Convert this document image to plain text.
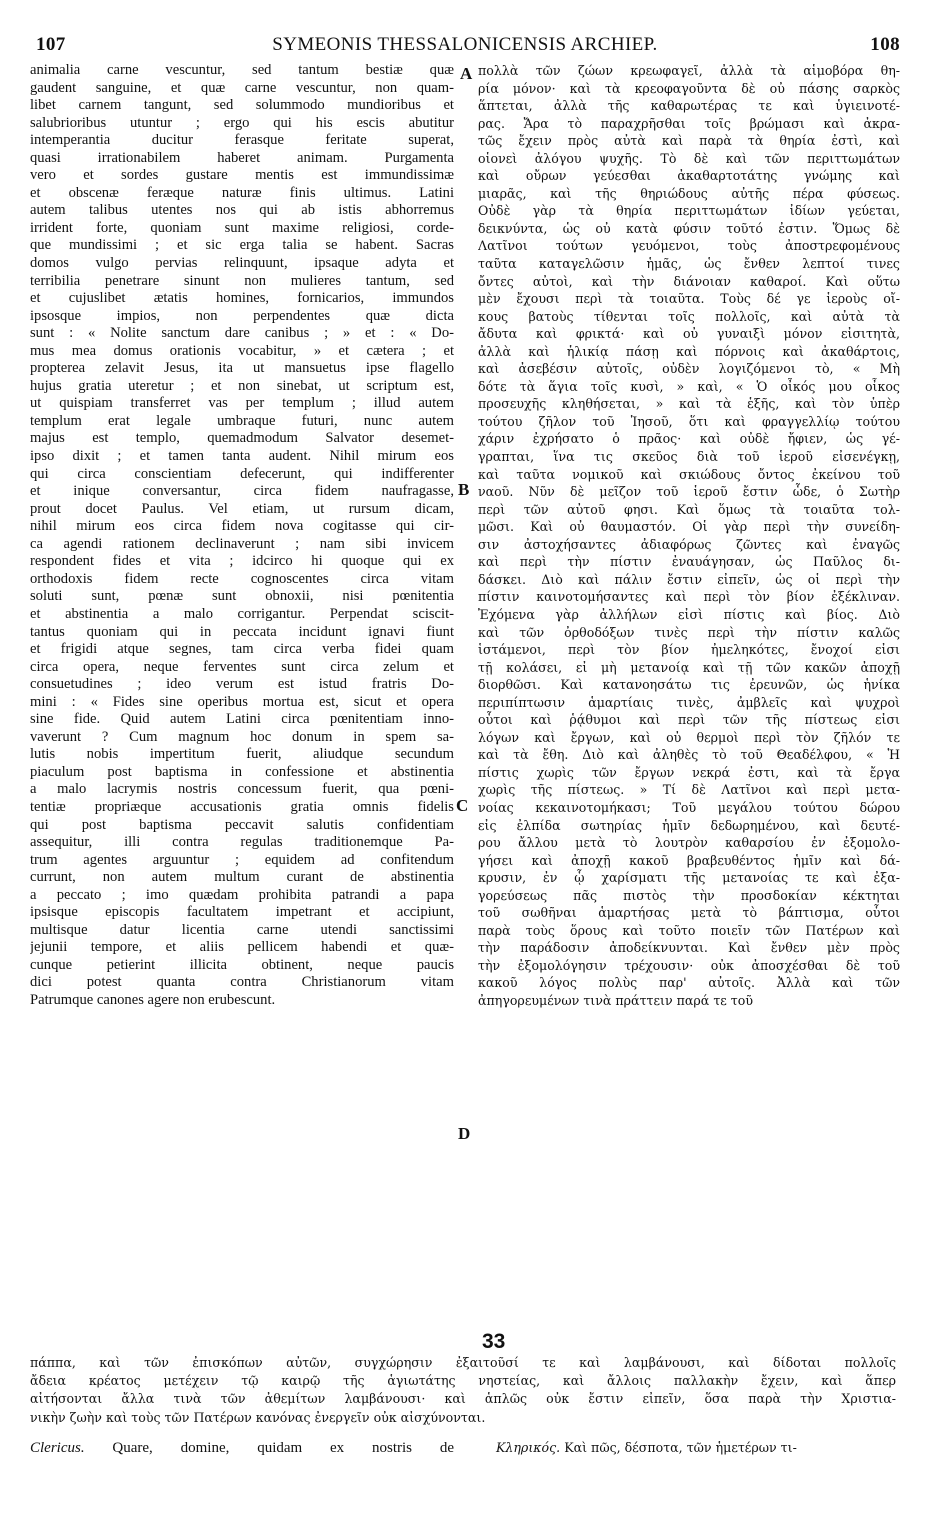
107	SYMEONIS THESSALONICENSIS ARCHIEP.	108
animalia carne vescuntur, sed tantum bestiæ quæ
gaudent sanguine, et quæ carne vescuntur, non quam-
libet carnem tangunt, sed solummodo mundioribus et
salubrioribus utuntur ; ergo qui his escis abutitur
intemperantia ducitur ferasque feritate superat,
quasi irrationabilem haberet animam. Purgamenta
vero et sordes gustare mentis est immundissimæ
et obscenæ feræque naturæ finis ultimus. Latini
autem talibus utentes nos qui ab istis abhorremus
irrident forte, quoniam sunt maxime religiosi, corde-
que mundissimi ; et sic erga talia se habent. Sacras
domos vulgo pervias relinquunt, ipsaque adyta et
terribilia penetrare sinunt non mulieres tantum, sed
et cujuslibet ætatis homines, fornicarios, immundos
ipsosque impios, non perpendentes quæ dicta
sunt : « Nolite sanctum dare canibus ; » et : « Do-
mus mea domus orationis vocabitur, » et cætera ; et
propterea zelavit Jesus, ita ut mansuetus ipse flagello
hujus gratia uteretur ; et non sinebat, ut scriptum est,
ut quispiam transferret vas per templum ; illud autem
templum erat legale umbraque futuri, nunc autem
majus est templo, quemadmodum Salvator desemet-
ipso dixit ; et tamen tanta audent. Nihil mirum eos
qui circa conscientiam defecerunt, qui indifferenter
et inique conversantur, circa fidem naufragasse,
prout docet Paulus. Vel etiam, ut rursum dicam,
nihil mirum eos circa fidem nova cogitasse qui cir-
ca agendi rationem declinaverunt ; nam sibi invicem
respondent fides et vita ; idcirco hi quoque qui ex
orthodoxis fidem recte cognoscentes circa vitam
soluti sunt, pœnæ sunt obnoxii, nisi pœnitentia
et abstinentia a malo corrigantur. Perpendat sciscit-
tantus quoniam qui in peccata incidunt ignavi fiunt
et frigidi atque segnes, tam circa verba fidei quam
circa opera, neque ferventes sunt circa zelum et
consuetudines ; ideo verum est istud fratris Do-
mini : « Fides sine operibus mortua est, sicut et opera
sine fide. Quid autem Latini circa pœnitentiam inno-
vaverunt ? Cum magnum hoc donum in spem sa-
lutis nobis impertitum fuerit, aliudque secundum
piaculum post baptisma in confessione et abstinentia
a malo lacrymis nostris concessum fuerit, qua pœni-
tentiæ propriæque accusationis gratia omnis fidelis
qui post baptisma peccavit salutis confidentiam
assequitur, illi contra regulas traditionemque Pa-
trum agentes arguuntur ; equidem ad confitendum
currunt, non autem multum curant de abstinentia
a peccato ; imo quædam prohibita patrandi a papa
ipsisque episcopis facultatem impetrant et accipiunt,
multisque datur licentia carne utendi sanctissimi
jejunii tempore, et aliis pellicem habendi et quæ-
cunque petierint illicita obtinent, neque paucis
dici potest quanta contra Christianorum vitam
Patrumque canones agere non erubescunt.
πολλὰ τῶν ζώων κρεωφαγεῖ, ἀλλὰ τὰ αἱμοβόρα θη-
ρία μόνον· καὶ τὰ κρεοφαγοῦντα δὲ οὐ πάσης σαρκὸς
ἅπτεται, ἀλλὰ τῆς καθαρωτέρας τε καὶ ὑγιεινοτέ-
ρας. Ἄρα τὸ παραχρῆσθαι τοῖς βρώμασι καὶ ἀκρα-
τῶς ἔχειν πρὸς αὐτὰ καὶ παρὰ τὰ θηρία ἐστὶ, καὶ
οἱονεὶ ἀλόγου ψυχῆς. Τὸ δὲ καὶ τῶν περιττωμάτων
καὶ οὔρων γεύεσθαι ἀκαθαρτοτάτης γνώμης καὶ
μιαρᾶς, καὶ τῆς θηριώδους αὐτῆς πέρα φύσεως.
Οὐδὲ γὰρ τὰ θηρία περιττωμάτων ἰδίων γεύεται,
δεικνύντα, ὡς οὐ κατὰ φύσιν τοῦτό ἐστιν. Ὅμως δὲ
Λατῖνοι τούτων γευόμενοι, τοὺς ἀποστρεφομένους
ταῦτα καταγελῶσιν ἡμᾶς, ὡς ἔνθεν λεπτοί τινες
ὄντες αὐτοὶ, καὶ τὴν διάνοιαν καθαροί. Καὶ οὕτω
μὲν ἔχουσι περὶ τὰ τοιαῦτα. Τοὺς δέ γε ἱεροὺς οἴ-
κους βατοὺς τίθενται τοῖς πολλοῖς, καὶ αὐτὰ τὰ
ἄδυτα καὶ φρικτά· καὶ οὐ γυναιξὶ μόνον εἰσιτητὰ,
ἀλλὰ καὶ ἡλικίᾳ πάσῃ καὶ πόρνοις καὶ ἀκαθάρτοις,
καὶ ἀσεβέσιν αὐτοῖς, οὐδὲν λογιζόμενοι τὸ, « Μὴ
δότε τὰ ἅγια τοῖς κυσὶ, » καὶ, « Ὁ οἶκός μου οἶκος
προσευχῆς κληθήσεται, » καὶ τὰ ἑξῆς, καὶ τὸν ὑπὲρ
τούτου ζῆλον τοῦ Ἰησοῦ, ὅτι καὶ φραγγελλίῳ τούτου
χάριν ἐχρήσατο ὁ πρᾶος· καὶ οὐδὲ ἤφιεν, ὡς γέ-
γραπται, ἵνα τις σκεῦος διὰ τοῦ ἱεροῦ εἰσενέγκῃ,
καὶ ταῦτα νομικοῦ καὶ σκιώδους ὄντος ἐκείνου τοῦ
ναοῦ. Νῦν δὲ μεῖζον τοῦ ἱεροῦ ἔστιν ὧδε, ὁ Σωτὴρ
περὶ τῶν αὐτοῦ φησι. Καὶ ὅμως τὰ τοιαῦτα τολ-
μῶσι. Καὶ οὐ θαυμαστόν. Οἱ γὰρ περὶ τὴν συνείδη-
σιν ἀστοχήσαντες ἀδιαφόρως ζῶντες καὶ ἐναγῶς
καὶ περὶ τὴν πίστιν ἐναυάγησαν, ὡς Παῦλος δι-
δάσκει. Διὸ καὶ πάλιν ἔστιν εἰπεῖν, ὡς οἱ περὶ τὴν
πίστιν καινοτομήσαντες καὶ περὶ τὸν βίον ἐξέκλιναν.
Ἐχόμενα γὰρ ἀλλήλων εἰσὶ πίστις καὶ βίος. Διὸ
καὶ τῶν ὀρθοδόξων τινὲς περὶ τὴν πίστιν καλῶς
ἱστάμενοι, περὶ τὸν βίον ἠμεληκότες, ἔνοχοί εἰσι
τῇ κολάσει, εἰ μὴ μετανοίᾳ καὶ τῇ τῶν κακῶν ἀποχῇ
διορθῶσι. Καὶ κατανοησάτω τις ἐρευνῶν, ὡς ἡνίκα
περιπίπτωσιν ἁμαρτίαις τινὲς, ἀμβλεῖς καὶ ψυχροὶ
οὗτοι καὶ ῥᾴθυμοι καὶ περὶ τῶν τῆς πίστεως εἰσι
λόγων καὶ ἔργων, καὶ οὐ θερμοὶ περὶ τὸν ζῆλόν τε
καὶ τὰ ἔθη. Διὸ καὶ ἀληθὲς τὸ τοῦ Θεαδέλφου, « Ἡ
πίστις χωρὶς τῶν ἔργων νεκρά ἐστι, καὶ τὰ ἔργα
χωρὶς τῆς πίστεως. » Τί δὲ Λατῖνοι καὶ περὶ μετα-
νοίας κεκαινοτομήκασι; Τοῦ μεγάλου τούτου δώρου
εἰς ἐλπίδα σωτηρίας ἡμῖν δεδωρημένου, καὶ δευτέ-
ρου ἄλλου μετὰ τὸ λουτρὸν καθαρσίου ἐν ἐξομολο-
γήσει καὶ ἀποχῇ κακοῦ βραβευθέντος ἡμῖν καὶ δά-
κρυσιν, ἐν ᾧ χαρίσματι τῆς μετανοίας τε καὶ ἐξα-
γορεύσεως πᾶς πιστὸς τὴν προσδοκίαν κέκτηται
τοῦ σωθῆναι ἁμαρτήσας μετὰ τὸ βάπτισμα, οὗτοι
παρὰ τοὺς ὅρους καὶ τοῦτο ποιεῖν τῶν Πατέρων καὶ
τὴν παράδοσιν ἀποδείκνυνται. Καὶ ἔνθεν μὲν πρὸς
τὴν ἐξομολόγησιν τρέχουσιν· οὐκ ἀποσχέσθαι δὲ τοῦ
κακοῦ λόγος πολὺς παρ' αὐτοῖς. Ἀλλὰ καὶ τῶν
ἀπηγορευμένων τινὰ πράττειν παρά τε τοῦ
A
B
C
D
33
πάππα, καὶ τῶν ἐπισκόπων αὐτῶν, συγχώρησιν ἐξαιτοῦσί τε καὶ λαμβάνουσι, καὶ δίδοται πολλοῖς
ἄδεια κρέατος μετέχειν τῷ καιρῷ τῆς ἁγιωτάτης νηστείας, καὶ ἄλλοις παλλακὴν ἔχειν, καὶ ἅπερ
αἰτήσονται ἄλλα τινὰ τῶν ἀθεμίτων λαμβάνουσι· καὶ ἁπλῶς οὐκ ἔστιν εἰπεῖν, ὅσα παρὰ τὴν Χριστια-
νικὴν ζωὴν καὶ τοὺς τῶν Πατέρων κανόνας ἐνεργεῖν οὐκ αἰσχύνονται.
Clericus. Quare, domine, quidam ex nostris de	Κληρικός. Καὶ πῶς, δέσποτα, τῶν ἡμετέρων τι-
